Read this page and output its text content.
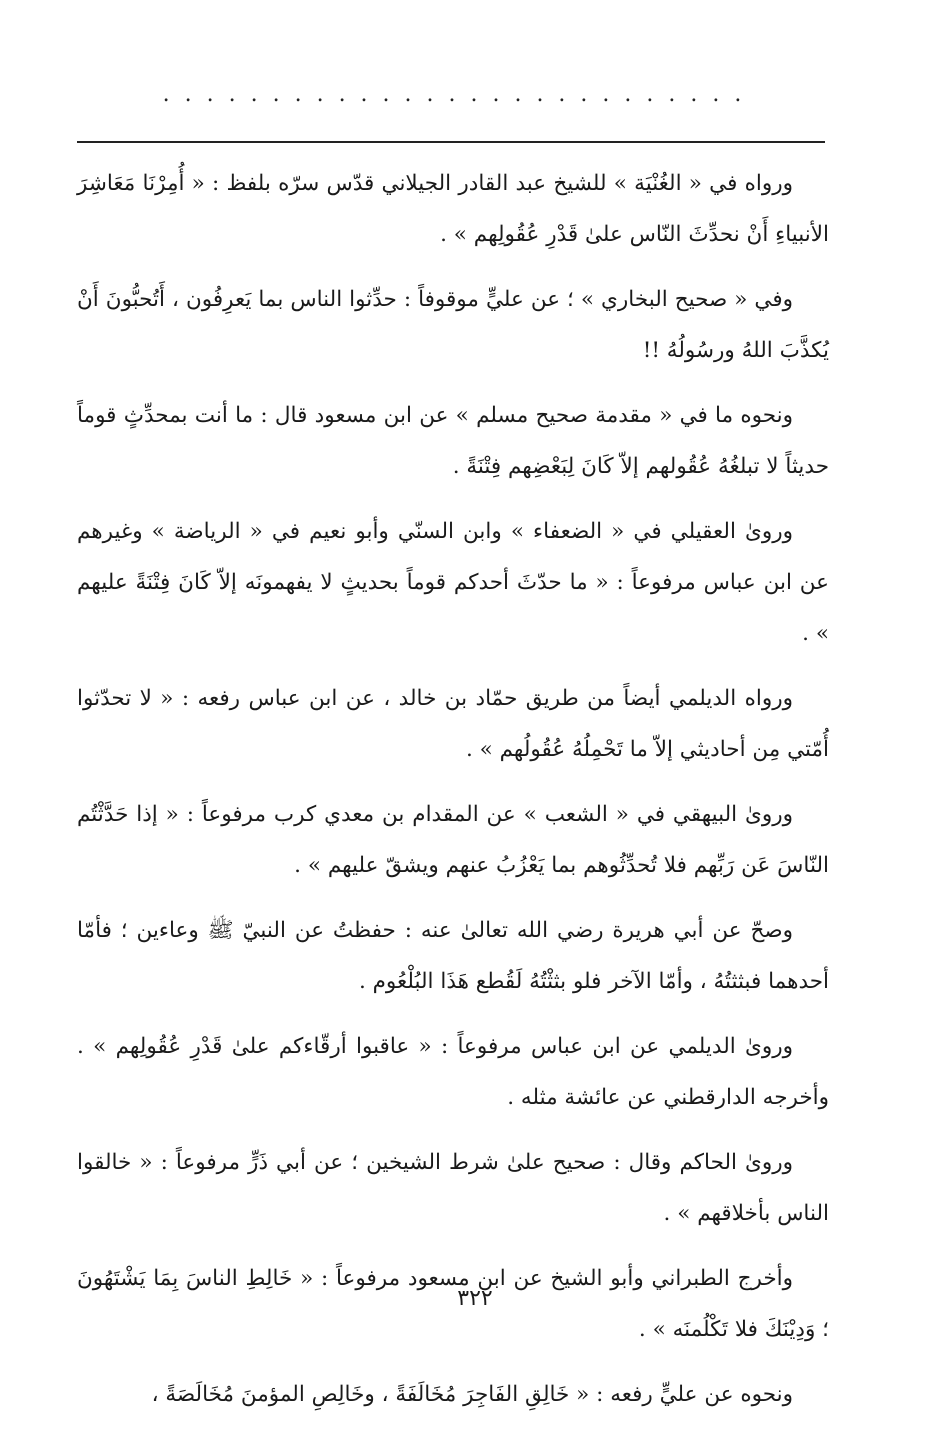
. . . . . . . . . . . . . . . . . . . . . . . . . . .

ورواه في « الغُنْيَة » للشيخ عبد القادر الجيلاني قدّس سرّه بلفظ : « أُمِرْنَا مَعَاشِرَ الأنبياءِ أَنْ نحدِّثَ النّاس علىٰ قَدْرِ عُقُولِهم » .

وفي « صحيح البخاري » ؛ عن عليٍّ موقوفاً : حدِّثوا الناس بما يَعرِفُون ، أَتُحبُّونَ أَنْ يُكذَّبَ اللهُ ورسُولُهُ !!

ونحوه ما في « مقدمة صحيح مسلم » عن ابن مسعود قال : ما أنت بمحدِّثٍ قوماً حديثاً لا تبلغُهُ عُقُولهم إلاّ كَانَ لِبَعْضِهم فِتْنَةً .

وروىٰ العقيلي في « الضعفاء » وابن السنّي وأبو نعيم في « الرياضة » وغيرهم عن ابن عباس مرفوعاً : « ما حدّثَ أحدكم قوماً بحديثٍ لا يفهمونَه إلاّ كَانَ فِتْنَةً عليهم » .

ورواه الديلمي أيضاً من طريق حمّاد بن خالد ، عن ابن عباس رفعه : « لا تحدّثوا أُمّتي مِن أحاديثي إلاّ ما تَحْمِلُهُ عُقُولُهم » .

وروىٰ البيهقي في « الشعب » عن المقدام بن معدي كرب مرفوعاً : « إذا حَدَّثْتُم النّاسَ عَن رَبِّهم فلا تُحدِّثُوهم بما يَعْزُبُ عنهم ويشقّ عليهم » .

وصحّ عن أبي هريرة رضي الله تعالىٰ عنه : حفظتُ عن النبيّ ﷺ وعاءين ؛ فأمّا أحدهما فبثثتُهُ ، وأمّا الآخر فلو بثثْتُهُ لَقُطع هَذَا البُلْعُوم .

وروىٰ الديلمي عن ابن عباس مرفوعاً : « عاقبوا أرقّاءكم علىٰ قَدْرِ عُقُولِهم » . وأخرجه الدارقطني عن عائشة مثله .

وروىٰ الحاكم وقال : صحيح علىٰ شرط الشيخين ؛ عن أبي ذَرٍّ مرفوعاً : « خالقوا الناس بأخلاقهم » .

وأخرج الطبراني وأبو الشيخ عن ابن مسعود مرفوعاً : « خَالِطِ الناسَ بِمَا يَشْتَهُونَ ؛ وَدِيْنَكَ فلا تَكْلُمنَه » .

ونحوه عن عليٍّ رفعه : « خَالِقِ الفَاجِرَ مُخَالَفَةً ، وخَالِصِ المؤمنَ مُخَالَصَةً ،

٣٢٢
